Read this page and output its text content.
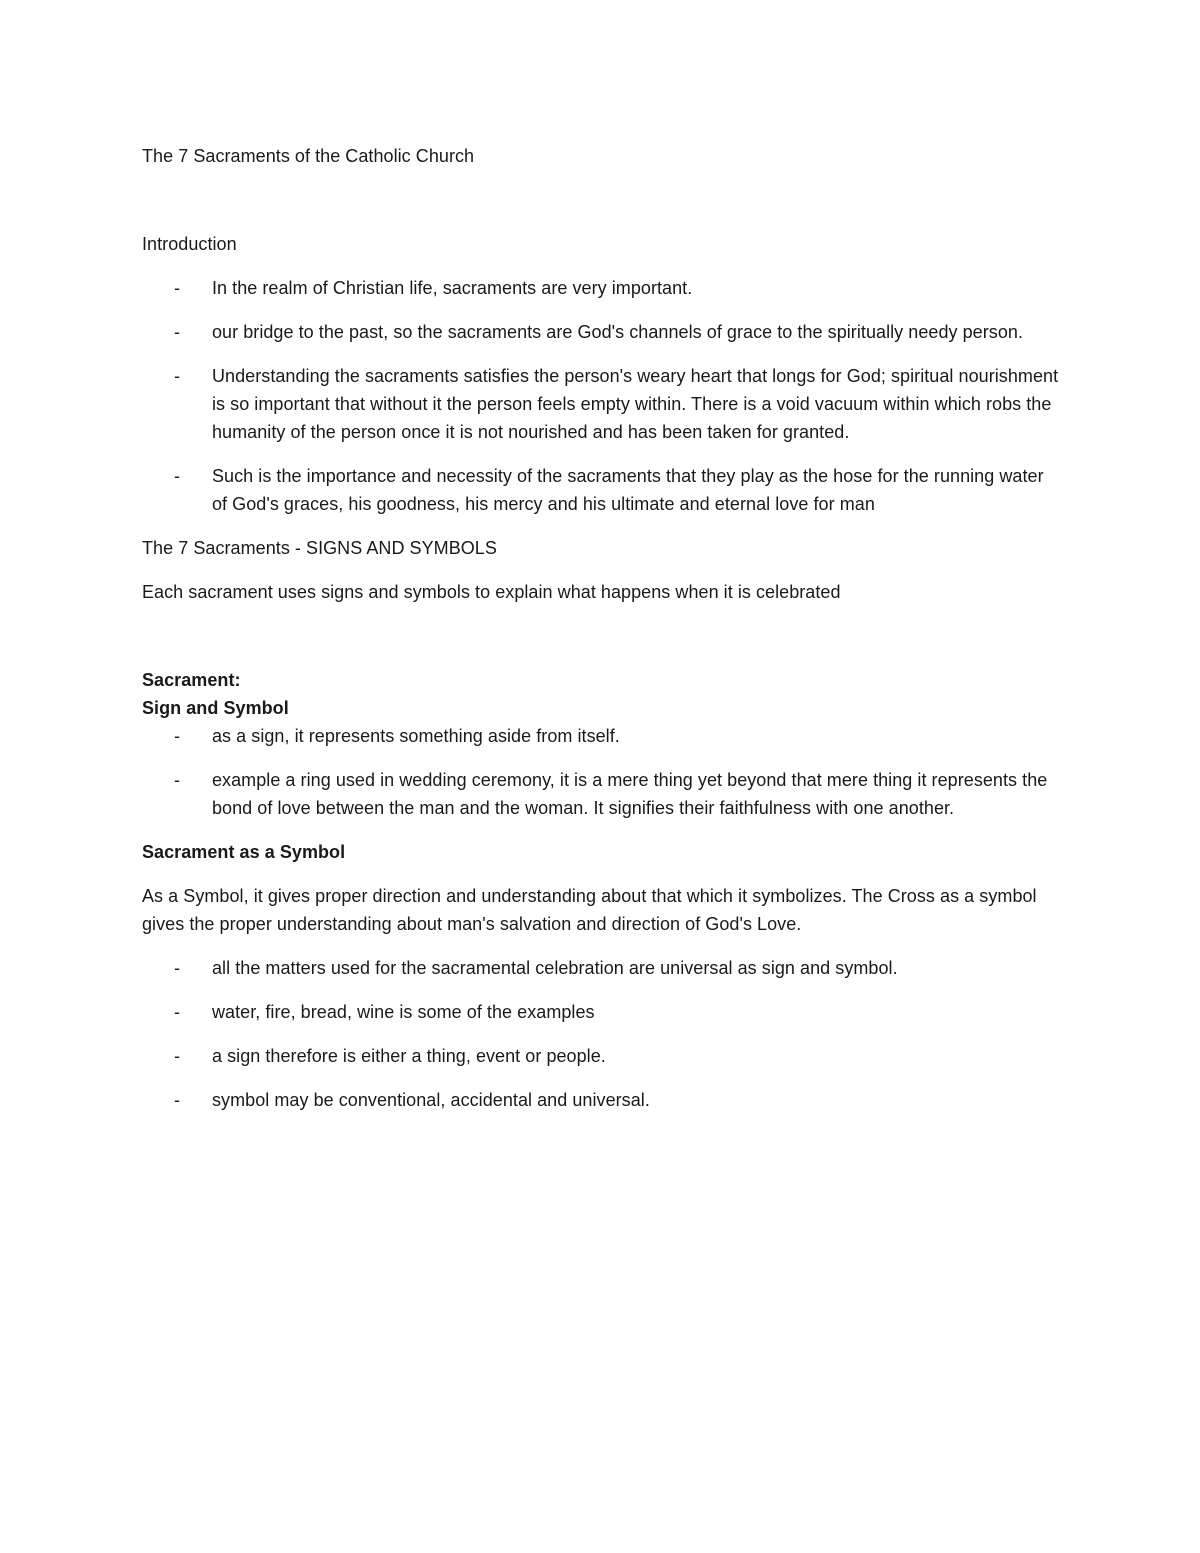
The 7 Sacraments of the Catholic Church

Introduction

- In the realm of Christian life, sacraments are very important.
- our bridge to the past, so the sacraments are God's channels of grace to the spiritually needy person.
- Understanding the sacraments satisfies the person's weary heart that longs for God; spiritual nourishment is so important that without it the person feels empty within. There is a void vacuum within which robs the humanity of the person once it is not nourished and has been taken for granted.
- Such is the importance and necessity of the sacraments that they play as the hose for the running water of God's graces, his goodness, his mercy and his ultimate and eternal love for man

The 7 Sacraments - SIGNS AND SYMBOLS

Each sacrament uses signs and symbols to explain what happens when it is celebrated

Sacrament:

Sign and Symbol

- as a sign, it represents something aside from itself.
- example a ring used in wedding ceremony, it is a mere thing yet beyond that mere thing it represents the bond of love between the man and the woman. It signifies their faithfulness with one another.

Sacrament as a Symbol

As a Symbol, it gives proper direction and understanding about that which it symbolizes. The Cross as a symbol gives the proper understanding about man's salvation and direction of God's Love.

- all the matters used for the sacramental celebration are universal as sign and symbol.
- water, fire, bread, wine is some of the examples
- a sign therefore is either a thing, event or people.
- symbol may be conventional, accidental and universal.
